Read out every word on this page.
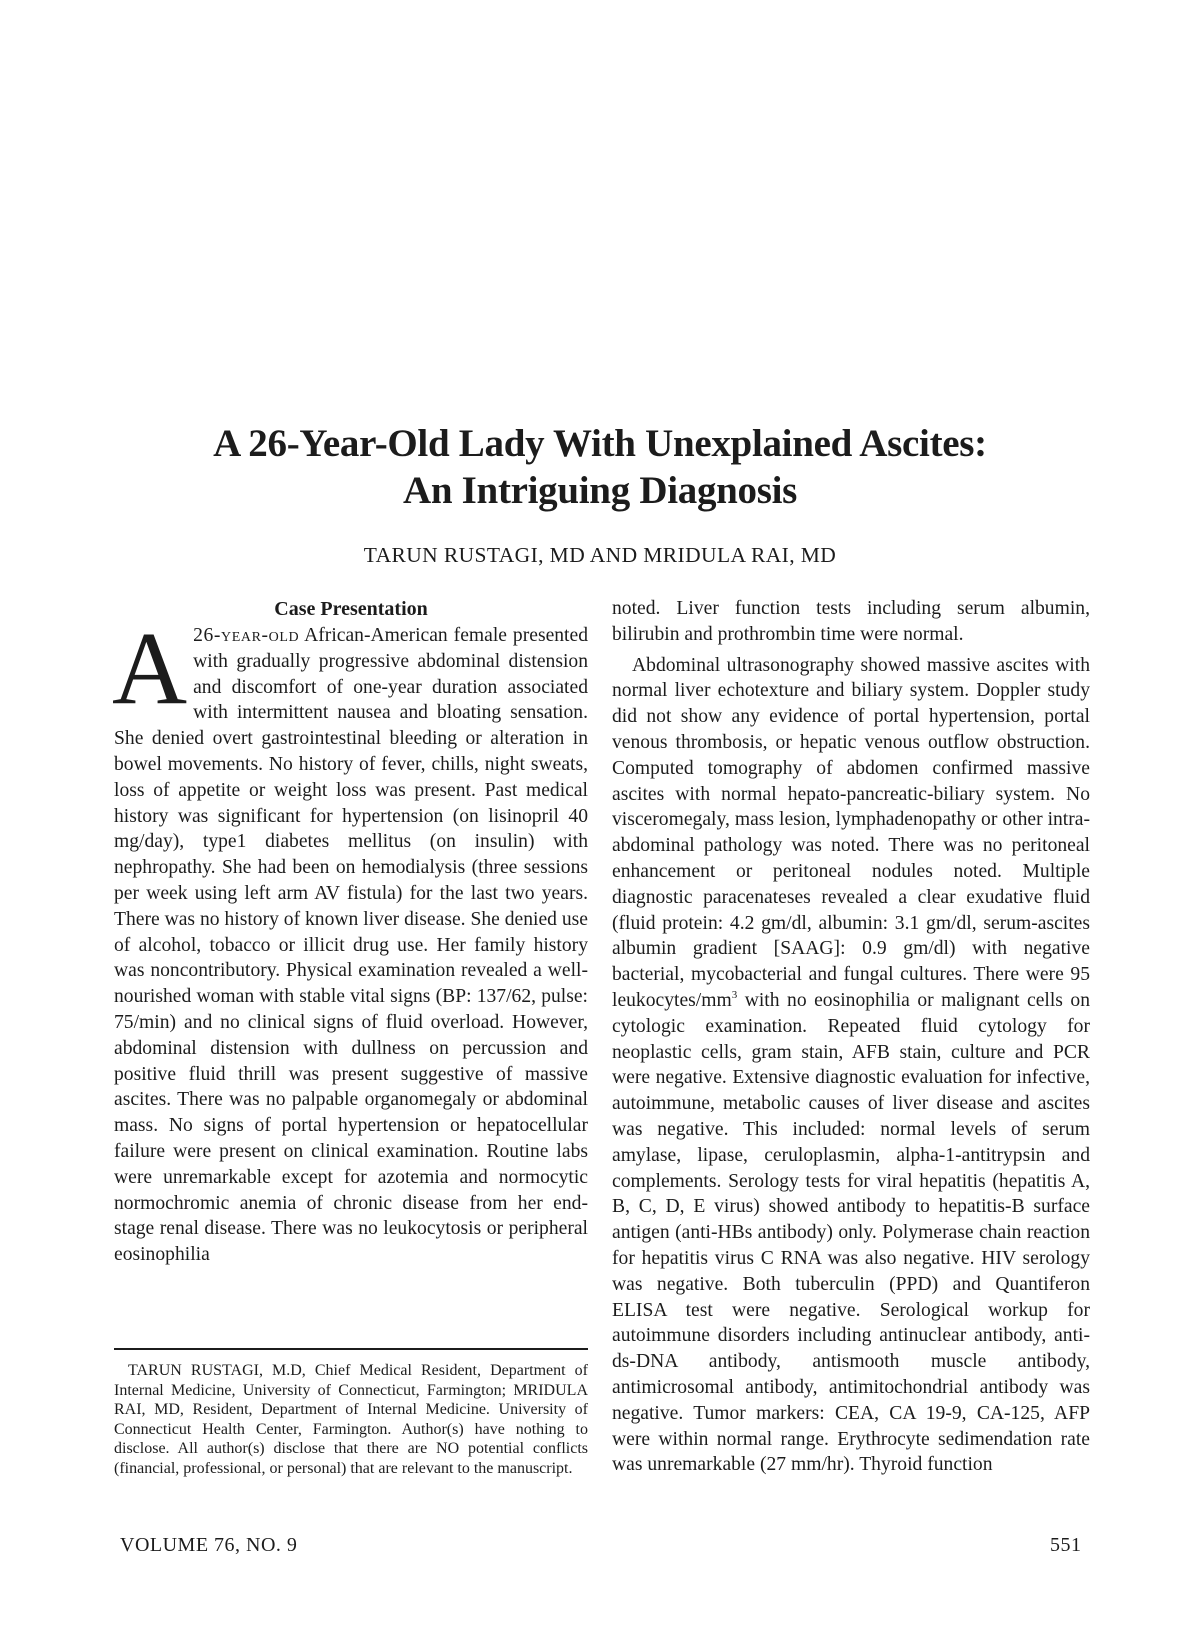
A 26-Year-Old Lady With Unexplained Ascites:
An Intriguing Diagnosis
TARUN RUSTAGI, MD AND MRIDULA RAI, MD
Case Presentation

A 26-year-old African-American female presented with gradually progressive abdominal distension and discomfort of one-year duration associated with intermittent nausea and bloating sensation. She denied overt gastrointestinal bleeding or alteration in bowel movements. No history of fever, chills, night sweats, loss of appetite or weight loss was present. Past medical history was significant for hypertension (on lisinopril 40 mg/day), type1 diabetes mellitus (on insulin) with nephropathy. She had been on hemodialysis (three sessions per week using left arm AV fistula) for the last two years. There was no history of known liver disease. She denied use of alcohol, tobacco or illicit drug use. Her family history was noncontributory. Physical examination revealed a well-nourished woman with stable vital signs (BP: 137/62, pulse: 75/min) and no clinical signs of fluid overload. However, abdominal distension with dullness on percussion and positive fluid thrill was present suggestive of massive ascites. There was no palpable organomegaly or abdominal mass. No signs of portal hypertension or hepatocellular failure were present on clinical examination. Routine labs were unremarkable except for azotemia and normocytic normochromic anemia of chronic disease from her end-stage renal disease. There was no leukocytosis or peripheral eosinophilia

noted. Liver function tests including serum albumin, bilirubin and prothrombin time were normal.

Abdominal ultrasonography showed massive ascites with normal liver echotexture and biliary system. Doppler study did not show any evidence of portal hypertension, portal venous thrombosis, or hepatic venous outflow obstruction. Computed tomography of abdomen confirmed massive ascites with normal hepato-pancreatic-biliary system. No visceromegaly, mass lesion, lymphadenopathy or other intra-abdominal pathology was noted. There was no peritoneal enhancement or peritoneal nodules noted. Multiple diagnostic paracenateses revealed a clear exudative fluid (fluid protein: 4.2 gm/dl, albumin: 3.1 gm/dl, serum-ascites albumin gradient [SAAG]: 0.9 gm/dl) with negative bacterial, mycobacterial and fungal cultures. There were 95 leukocytes/$mm^3$ with no eosinophilia or malignant cells on cytologic examination. Repeated fluid cytology for neoplastic cells, gram stain, AFB stain, culture and PCR were negative. Extensive diagnostic evaluation for infective, autoimmune, metabolic causes of liver disease and ascites was negative. This included: normal levels of serum amylase, lipase, ceruloplasmin, alpha-1-antitrypsin and complements. Serology tests for viral hepatitis (hepatitis A, B, C, D, E virus) showed antibody to hepatitis-B surface antigen (anti-HBs antibody) only. Polymerase chain reaction for hepatitis virus C RNA was also negative. HIV serology was negative. Both tuberculin (PPD) and Quantiferon ELISA test were negative. Serological workup for autoimmune disorders including antinuclear antibody, anti-ds-DNA antibody, antismooth muscle antibody, antimicrosomal antibody, antimitochondrial antibody was negative. Tumor markers: CEA, CA 19-9, CA-125, AFP were within normal range. Erythrocyte sedimendation rate was unremarkable (27 mm/hr). Thyroid function

TARUN RUSTAGI, M.D, Chief Medical Resident, Department of Internal Medicine, University of Connecticut, Farmington; MRIDULA RAI, MD, Resident, Department of Internal Medicine. University of Connecticut Health Center, Farmington. Author(s) have nothing to disclose. All author(s) disclose that there are NO potential conflicts (financial, professional, or personal) that are relevant to the manuscript.
VOLUME 76, NO. 9	551
